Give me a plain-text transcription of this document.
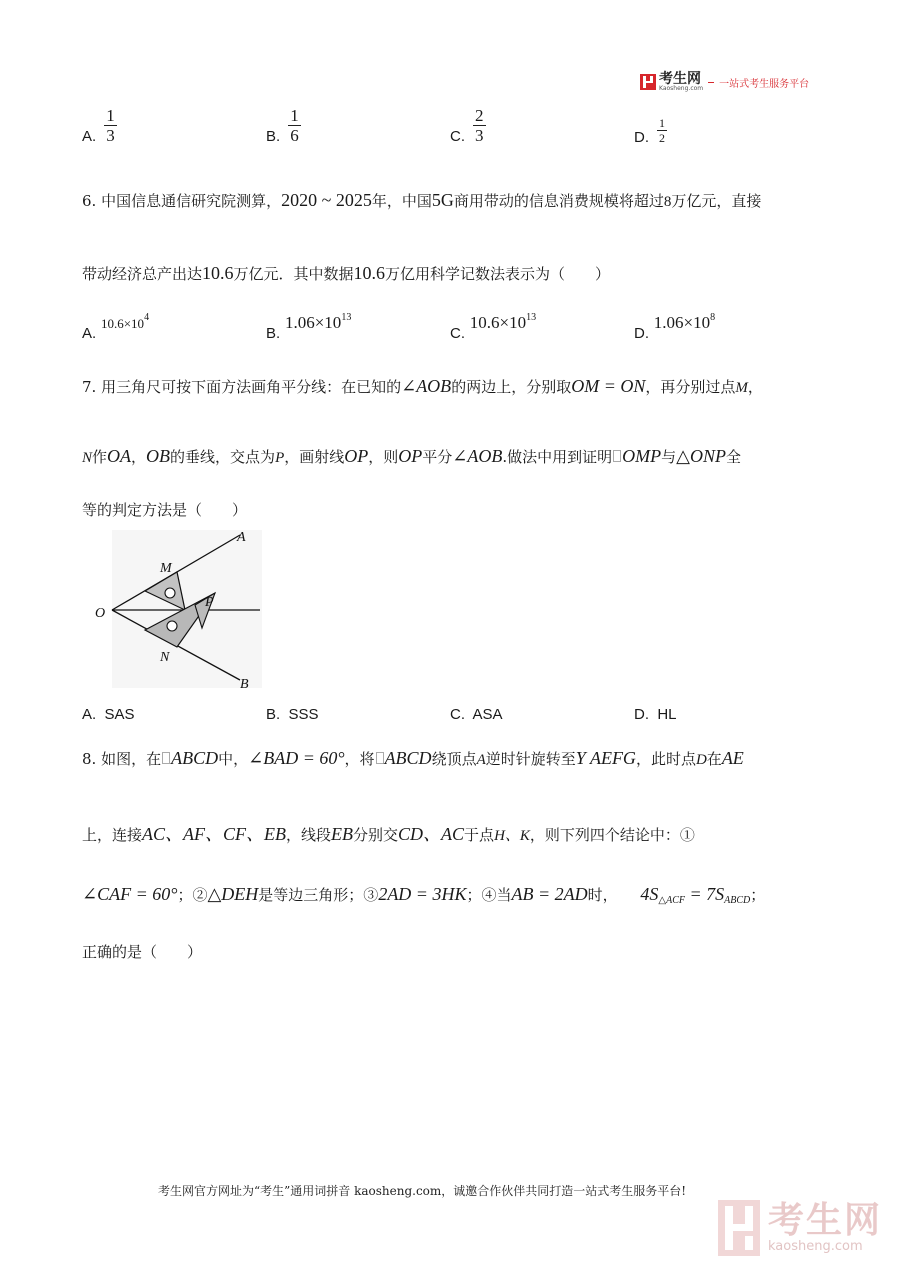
考生网
Kaosheng.com 一站式考生服务平台
A. $\frac{1}{3}$	B. $\frac{1}{6}$	C. $\frac{2}{3}$	D. $\frac{1}{2}$
6. 中国信息通信研究院测算，2020 ~ 2025年，中国5G商用带动的信息消费规模将超过8万亿元，直接
带动经济总产出达10.6万亿元．其中数据10.6万亿用科学记数法表示为（　　）
A. $10.6\times 10^4$
B. $1.06\times 10^{13}$
C. $10.6\times 10^{13}$
D. $1.06\times 10^8$
7. 用三角尺可按下面方法画角平分线：在已知的∠AOB的两边上，分别取OM = ON，再分别过点M，
N作OA，OB的垂线，交点为P，画射线OP，则OP平分∠AOB.做法中用到证明 OMP与△ONP全
等的判定方法是（　　）
A
M
O
P
N
B
A. SAS	B. SSS	C. ASA	D. HL
8. 如图，在 ABCD中，∠BAD = 60°，将 ABCD绕顶点A逆时针旋转至Y AEFG，此时点D在AE
上，连接AC、AF、CF、EB，线段EB分别交CD、AC于点H、K，则下列四个结论中：①
∠CAF = 60°；②△DEH是等边三角形；③2AD = 3HK；④当AB = 2AD时， $4S_{\triangle ACF} = 7S_{ABCD}$；
正确的是（　　）
考生网官方网址为“考生”通用词拼音 kaosheng.com，诚邀合作伙伴共同打造一站式考生服务平台!
考生网
kaosheng.com
